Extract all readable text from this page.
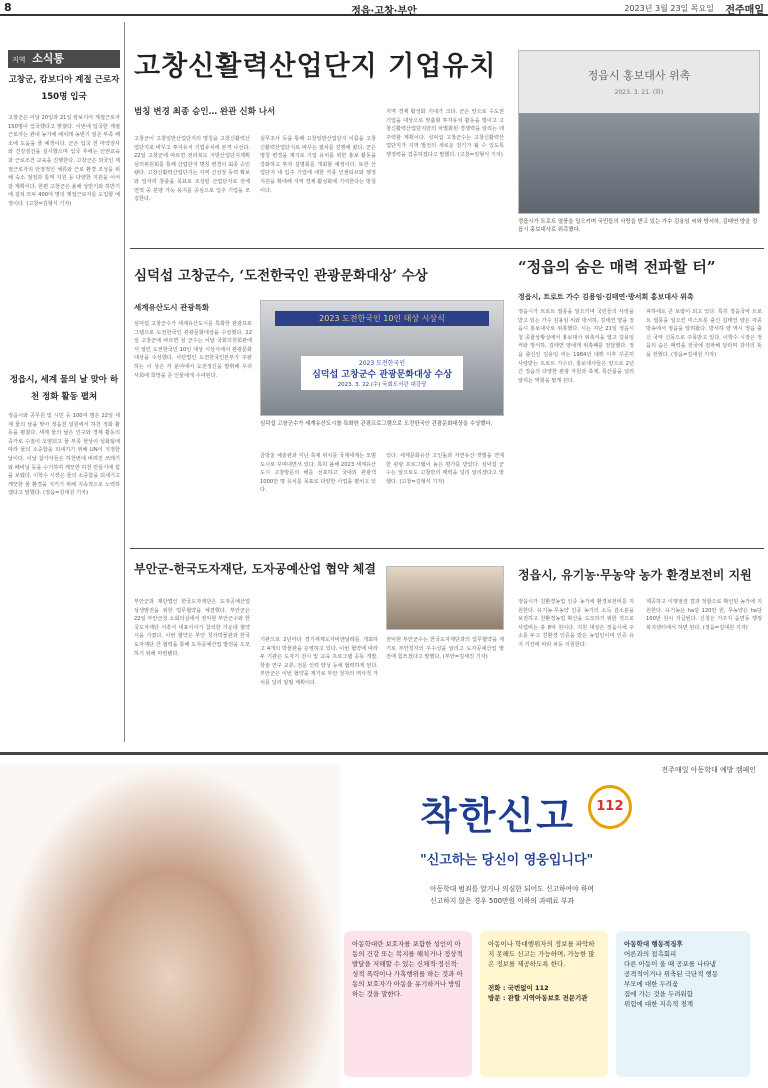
8	정읍·고창·부안	2023년 3월 23일 목요일 전주매일
지역 소식통
고창군, 캄보디아 계절 근로자 150명 입국
고창군은 이달 20일과 21일 캄보디아 계절근로자 150명이 입국했다고 밝혔다. 이번에 입국한 계절근로자는 관내 농가에 배치돼 농번기 일손 부족 해소에 도움을 줄 예정이다. 군은 입국 전 마약검사와 건강검진을 실시했으며 입국 후에는 인권교육과 근로조건 교육을 진행한다. 고창군은 외국인 계절근로자의 안정적인 체류와 근로 환경 조성을 위해 숙소 점검과 통역 지원 등 다양한 지원을 이어갈 계획이다. 한편 고창군은 올해 상반기와 하반기에 걸쳐 모두 400여 명의 계절근로자를 도입할 예정이다. (고창=김형식 기자)
정읍시, 세계 물의 날 맞아 하천 정화 활동 펼쳐
정읍시와 공무원 및 시민 등 100여 명은 22일 세계 물의 날을 맞아 정읍천 일원에서 하천 정화 활동을 펼쳤다. 세계 물의 날은 인구와 경제 활동의 증가로 수질이 오염되고 물 부족 현상이 심화됨에 따라 물의 소중함을 되새기기 위해 UN이 지정한 날이다. 이날 참가자들은 하천변에 버려진 쓰레기와 폐비닐 등을 수거하며 깨끗한 하천 만들기에 힘을 보탰다. 이학수 시장은 물의 소중함을 되새기고 깨끗한 물 환경을 지키기 위해 지속적으로 노력하겠다고 말했다. (정읍=김대원 기자)
고창신활력산업단지 기업유치
범칭 변경 최종 승인… 완관 신화 나서
고창군이 고창일반산업단지의 명칭을 고창신활력산업단지로 바꾸고 투자유치 기업유치에 본격 나선다. 22일 고창군에 따르면 전라북도 지방산업단지계획심의위원회를 통해 산업단지 명칭 변경이 최종 승인됐다. 고창신활력산업단지는 지역 신성장 동력 확보와 일자리 창출을 목표로 조성된 산업단지로 전체 면적 중 분양 가능 용지를 중심으로 입주 기업을 모집한다.
실무조사 등을 통해 고창일반산업단지 이름을 고창신활력산업단지로 바꾸는 절차를 진행해 왔다. 군은 명칭 변경을 계기로 기업 유치를 위한 홍보 활동을 강화하고 투자 설명회를 개최할 예정이다. 또한 산업단지 내 입주 기업에 대한 각종 인센티브와 행정 지원을 확대해 지역 경제 활성화에 기여한다는 방침이다.
지역 경제 활성화 기대가 크다. 군은 앞으로 수도권 기업을 대상으로 맞춤형 투자유치 활동을 벌이고 고창신활력산업단지만의 차별화된 경쟁력을 알리는 데 주력할 계획이다. 심덕섭 고창군수는 고창신활력산업단지가 지역 발전의 새로운 전기가 될 수 있도록 행정력을 집중하겠다고 말했다. (고창=김형식 기자)
정읍시 홍보대사 위촉
2023. 3. 21. (화)
정읍시가 트로트 열풍을 일으키며 국민들의 사랑을 받고 있는 가수 김용임 씨와 방서하, 김태연 양을 정읍시 홍보대사로 위촉했다.
심덕섭 고창군수, ‘도전한국인 관광문화대상’ 수상
세계유산도시 관광특화
심덕섭 고창군수가 세계유산도시를 특화한 관광프로그램으로 도전한국인 관광문화대상을 수상했다. 22일 고창군에 따르면 심 군수는 이날 국회의원회관에서 열린 도전한국인 10인 대상 시상식에서 관광문화대상을 수상했다. 사단법인 도전한국인본부가 주관하는 이 상은 각 분야에서 도전정신을 발휘해 우리 사회에 희망을 준 인물에게 수여된다.
2023 도전한국인 10인 대상 시상식
2023 도전한국인
심덕섭 고창군수 관광문화대상 수상
2023. 3. 22.(수) 국회도서관 대강당
심덕섭 고창군수가 세계유산도시를 특화한 관광프로그램으로 도전한국인 관광문화대상을 수상했다.
금방울 예술관과 지난 축제 위치를 국제세계는 모범도시로 꾸며내면서 있다. 특히 올해 2023 세계유산도시 고창방문의 해를 선포하고 국내외 관광객 1000만 명 유치를 목표로 다양한 사업을 펼치고 있다.
있다. 세계문화유산 고인돌과 자연유산 갯벌을 연계한 관광 프로그램이 높은 평가를 받았다. 심덕섭 군수는 앞으로도 고창만의 매력을 널리 알리겠다고 말했다. (고창=김형식 기자)
“정읍의 숨은 매력 전파할 터”
정읍시, 트로트 가수 김용임·김태연·방서희 홍보대사 위촉
정읍시가 트로트 열풍을 일으키며 국민들의 사랑을 받고 있는 가수 김용임 씨와 방서하, 김태연 양을 정읍시 홍보대사로 위촉했다. 시는 지난 21일 정읍시청 종합상황실에서 홍보대사 위촉식을 열고 김용임 씨와 방서하, 김태연 양에게 위촉패를 전달했다. 정읍 출신인 김용임 씨는 1984년 데뷔 이후 꾸준히 사랑받는 트로트 가수다. 홍보대사들은 앞으로 2년간 정읍의 다양한 관광 자원과 축제, 특산품을 널리 알리는 역할을 맡게 된다.
파하에도 큰 보람이 되고 있다. 특히 정읍국악 트로트 열풍을 일으킨 미스트롯 출신 김태연 양은 각종 방송에서 정읍을 알려왔다. 방서하 양 역시 정읍 출신 국악 신동으로 주목받고 있다. 이학수 시장은 정읍의 숨은 매력을 전국에 전파해 달라며 감사의 뜻을 전했다. (정읍=김대원 기자)
부안군-한국도자재단, 도자공예산업 협약 체결
부안군과 재단법인 한국도자재단은 도자공예산업 상생발전을 위한 업무협약을 체결했다. 부안군은 22일 부안군청 소회의실에서 권익현 부안군수와 한국도자재단 서흥식 대표이사가 참석한 가운데 협약식을 가졌다. 이번 협약은 부안 청자박물관과 한국도자재단 간 협력을 통해 도자공예산업 발전을 도모하기 위해 마련됐다.
기관으로 2년마다 경기세계도자비엔날레를 개최하고 4개의 박물관을 운영하고 있다. 이번 협약에 따라 두 기관은 도자기 전시 및 교육 프로그램 공동 개발, 학술 연구 교류, 전문 인력 양성 등에 협력하게 된다. 부안군은 이번 협약을 계기로 부안 청자의 역사적 가치를 널리 알릴 계획이다.
권익현 부안군수는 한국도자재단과의 업무협약을 계기로 부안청자의 우수성을 알리고 도자공예산업 발전에 힘쓰겠다고 말했다. (부안=김세진 기자)
정읍시, 유기농·무농약 농가 환경보전비 지원
정읍시가 친환경농업 인증 농가에 환경보전비를 지원한다. 유기농·무농약 인증 농가의 소득 감소분을 보전하고 친환경농업 확산을 도모하기 위한 것으로 사업비는 총 8억 원이다. 지원 대상은 정읍시에 주소를 두고 친환경 인증을 받은 농업인이며 인증 유지 기간에 따라 차등 지원한다.
제공하고 이행점검 결과 적합으로 확인된 농가에 지원한다. 유기농은 ha당 120만 원, 무농약은 ha당 100만 원이 지급된다. 신청은 거주지 읍면동 행정복지센터에서 하면 된다. (정읍=김대원 기자)
전주매일 아동학대 예방 캠페인
착한신고 112
"신고하는 당신이 영웅입니다"
아동학대 범죄를 알거나 의심한 되어도 신고하여야 하며
신고하지 않은 경우 500만원 이하의 과태료 부과
아동학대란 보호자를 포함한 성인이 아동의 건강 또는 복지를 해치거나 정상적 발달을 저해할 수 있는 신체적·정신적·성적 폭력이나 가혹행위를 하는 것과 아동의 보호자가 아동을 유기하거나 방임하는 것을 말한다.
아동이나 학대행위자의 정보를 파악하지 못해도 신고는 가능하며, 가능한 많은 정보를 제공하도록 한다.
전화 : 국번없이 112
방문 : 관할 지역아동보호 전문기관
아동학대 행동적징후
어른과의 접촉회피
다른 아동이 울 때 공포를 나타냄
공격적이거나 위축된 극단적 행동
부모에 대한 두려움
집에 가는 것을 두려워함
위험에 대한 지속적 경계
